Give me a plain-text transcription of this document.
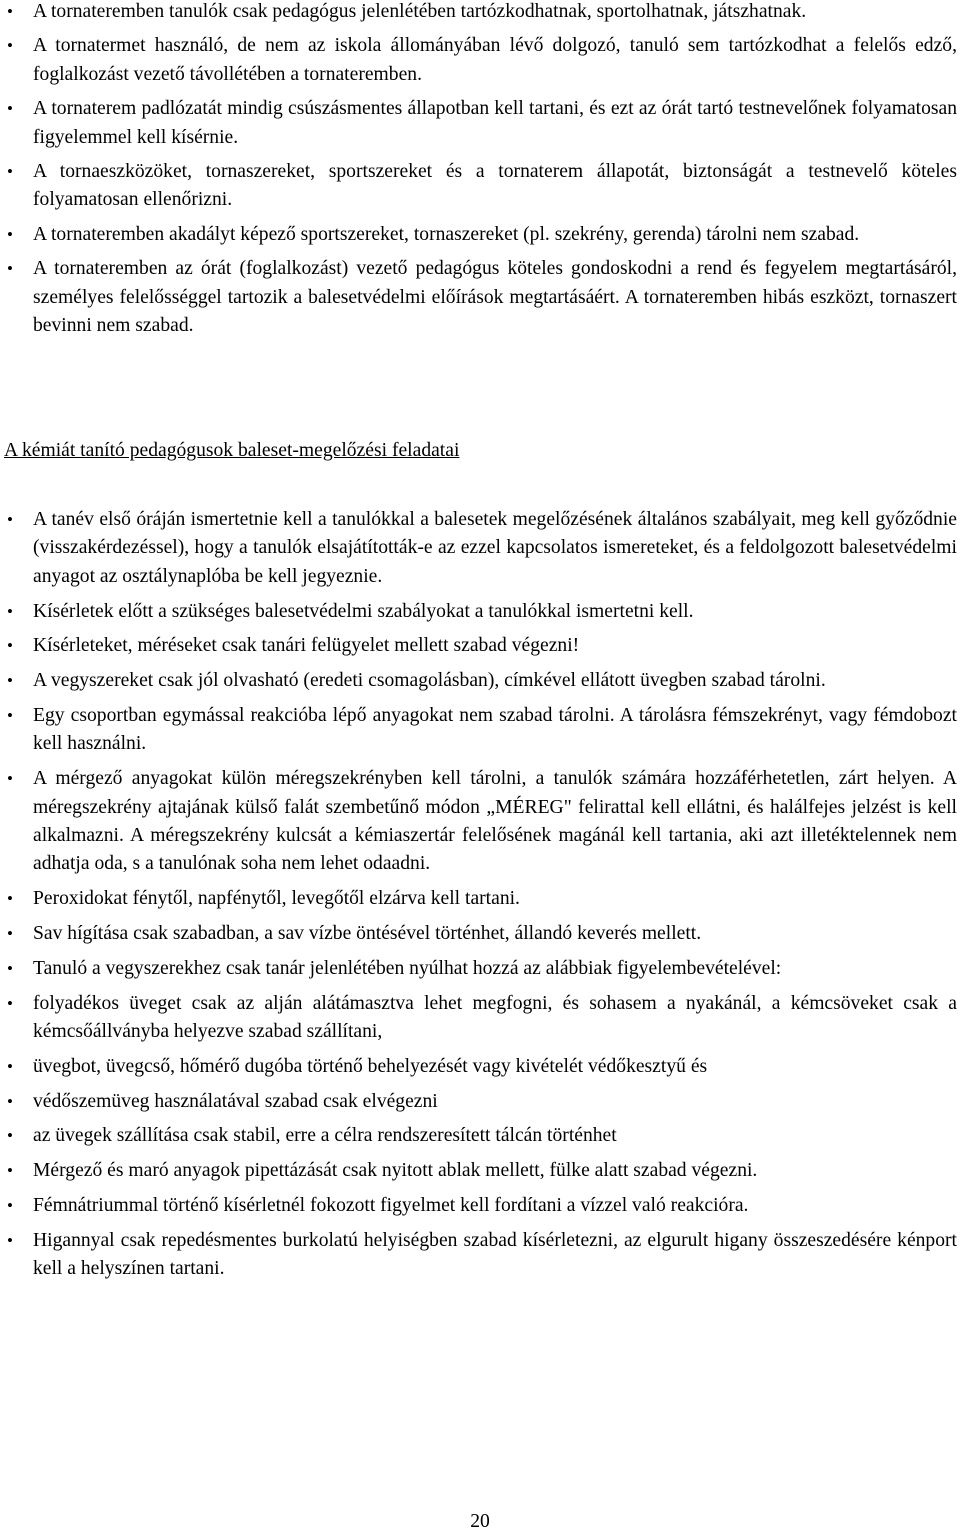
• A tornateremben tanulók csak pedagógus jelenlétében tartózkodhatnak, sportolhatnak, játszhatnak.
• A tornatermet használó, de nem az iskola állományában lévő dolgozó, tanuló sem tartózkodhat a felelős edző, foglalkozást vezető távollétében a tornateremben.
• A tornaterem padlózatát mindig csúszásmentes állapotban kell tartani, és ezt az órát tartó testnevelőnek folyamatosan figyelemmel kell kísérnie.
• A tornaeszközöket, tornaszereket, sportszereket és a tornaterem állapotát, biztonságát a testnevelő köteles folyamatosan ellenőrizni.
• A tornateremben akadályt képező sportszereket, tornaszereket (pl. szekrény, gerenda) tárolni nem szabad.
• A tornateremben az órát (foglalkozást) vezető pedagógus köteles gondoskodni a rend és fegyelem megtartásáról, személyes felelősséggel tartozik a balesetvédelmi előírások megtartásáért. A tornateremben hibás eszközt, tornaszert bevinni nem szabad.
A kémiát tanító pedagógusok baleset-megelőzési feladatai
• A tanév első óráján ismertetnie kell a tanulókkal a balesetek megelőzésének általános szabályait, meg kell győződnie (visszakérdezéssel), hogy a tanulók elsajátították-e az ezzel kapcsolatos ismereteket, és a feldolgozott balesetvédelmi anyagot az osztálynaplóba be kell jegyeznie.
• Kísérletek előtt a szükséges balesetvédelmi szabályokat a tanulókkal ismertetni kell.
• Kísérleteket, méréseket csak tanári felügyelet mellett szabad végezni!
• A vegyszereket csak jól olvasható (eredeti csomagolásban), címkével ellátott üvegben szabad tárolni.
• Egy csoportban egymással reakcióba lépő anyagokat nem szabad tárolni. A tárolásra fémszekrényt, vagy fémdobozt kell használni.
• A mérgező anyagokat külön méregszekrényben kell tárolni, a tanulók számára hozzáférhetetlen, zárt helyen. A méregszekrény ajtajának külső falát szembetűnő módon „MÉREG" felirattal kell ellátni, és halálfejes jelzést is kell alkalmazni. A méregszekrény kulcsát a kémiaszertár felelősének magánál kell tartania, aki azt illetéktelennek nem adhatja oda, s a tanulónak soha nem lehet odaadni.
• Peroxidokat fénytől, napfénytől, levegőtől elzárva kell tartani.
• Sav hígítása csak szabadban, a sav vízbe öntésével történhet, állandó keverés mellett.
• Tanuló a vegyszerekhez csak tanár jelenlétében nyúlhat hozzá az alábbiak figyelembevételével:
• folyadékos üveget csak az alján alátámasztva lehet megfogni, és sohasem a nyakánál, a kémcsöveket csak a kémcsőállványba helyezve szabad szállítani,
• üvegbot, üvegcső, hőmérő dugóba történő behelyezését vagy kivételét védőkesztyű és
• védőszemüveg használatával szabad csak elvégezni
• az üvegek szállítása csak stabil, erre a célra rendszeresített tálcán történhet
• Mérgező és maró anyagok pipettázását csak nyitott ablak mellett, fülke alatt szabad végezni.
• Fémnátriummal történő kísérletnél fokozott figyelmet kell fordítani a vízzel való reakcióra.
• Higannyal csak repedésmentes burkolatú helyiségben szabad kísérletezni, az elgurult higany összeszedésére kénport kell a helyszínen tartani.
20
